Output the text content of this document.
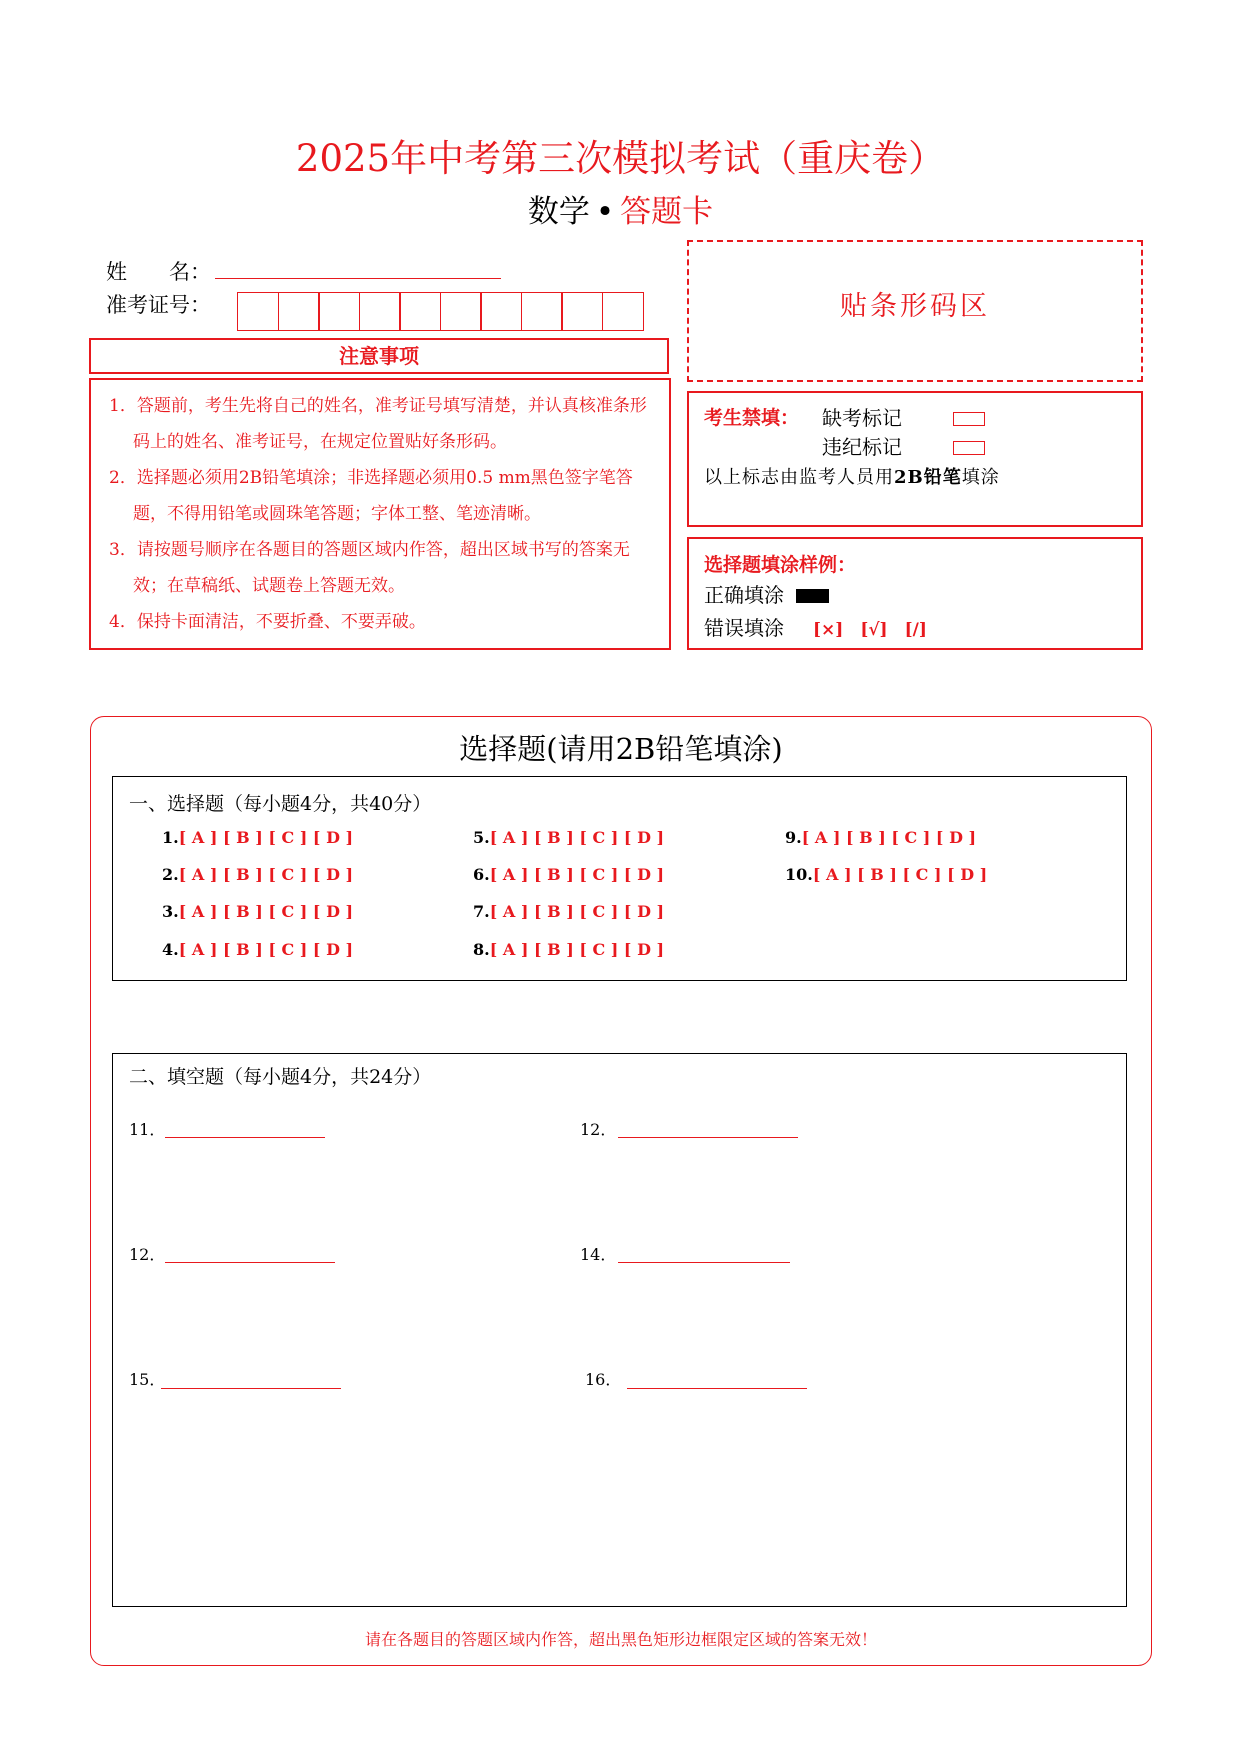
2025年中考第三次模拟考试（重庆卷）
数学 • 答题卡
姓　　名：
准考证号：
注意事项
1．答题前，考生先将自己的姓名，准考证号填写清楚，并认真核准条形码上的姓名、准考证号，在规定位置贴好条形码。
2．选择题必须用2B铅笔填涂；非选择题必须用0.5 mm黑色签字笔答题，不得用铅笔或圆珠笔答题；字体工整、笔迹清晰。
3．请按题号顺序在各题目的答题区域内作答，超出区域书写的答案无效；在草稿纸、试题卷上答题无效。
4．保持卡面清洁，不要折叠、不要弄破。
贴条形码区
考生禁填： 缺考标记
违纪标记
以上标志由监考人员用2B铅笔填涂
选择题填涂样例：
正确填涂
错误填涂 [×]　[√]　[/]
选择题(请用2B铅笔填涂)
一、选择题（每小题4分，共40分）
1.[ A ] [ B ] [ C ] [ D ]
2.[ A ] [ B ] [ C ] [ D ]
3.[ A ] [ B ] [ C ] [ D ]
4.[ A ] [ B ] [ C ] [ D ]
5.[ A ] [ B ] [ C ] [ D ]
6.[ A ] [ B ] [ C ] [ D ]
7.[ A ] [ B ] [ C ] [ D ]
8.[ A ] [ B ] [ C ] [ D ]
9.[ A ] [ B ] [ C ] [ D ]
10.[ A ] [ B ] [ C ] [ D ]
二、填空题（每小题4分，共24分）
11．	12．
12．	14．
15．	16．
请在各题目的答题区域内作答，超出黑色矩形边框限定区域的答案无效！
